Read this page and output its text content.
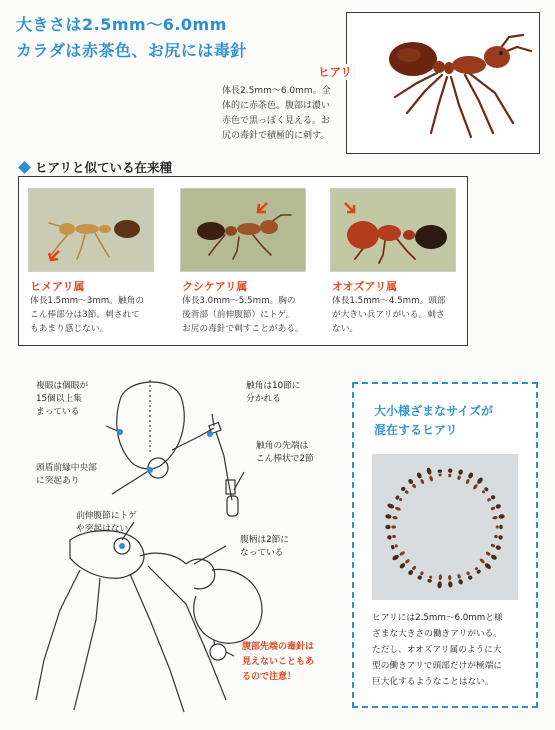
大きさは2.5mm〜6.0mm
カラダは赤茶色、お尻には毒針
ヒアリ
体長2.5mm〜6.0mm。全
体的に赤茶色。腹部は濃い
赤色で黒っぽく見える。お
尻の毒針で積極的に刺す。
ヒアリと似ている在来種
ヒメアリ属
体長1.5mm〜3mm。触角の
こん棒部分は3節。刺されて
もあまり感じない。
クシケアリ属
体長3.0mm〜5.5mm。胸の
後背部（前伸腹節）にトゲ。
お尻の毒針で刺すことがある。
オオズアリ属
体長1.5mm〜4.5mm。頭部
が大きい兵アリがいる。刺さ
ない。
複眼は個眼が
15個以上集
まっている
触角は10節に
分かれる
触角の先端は
こん棒状で2節
頭盾前縁中央部
に突起あり
前伸腹節にトゲ
や突起はない
腹柄は2節に
なっている
腹部先端の毒針は
見えないこともあ
るので注意！
大小様ざまなサイズが
混在するヒアリ
ヒアリには2.5mm〜6.0mmと様
ざまな大きさの働きアリがいる。
ただし、オオズアリ属のように大
型の働きアリで頭部だけが極端に
巨大化するようなことはない。
